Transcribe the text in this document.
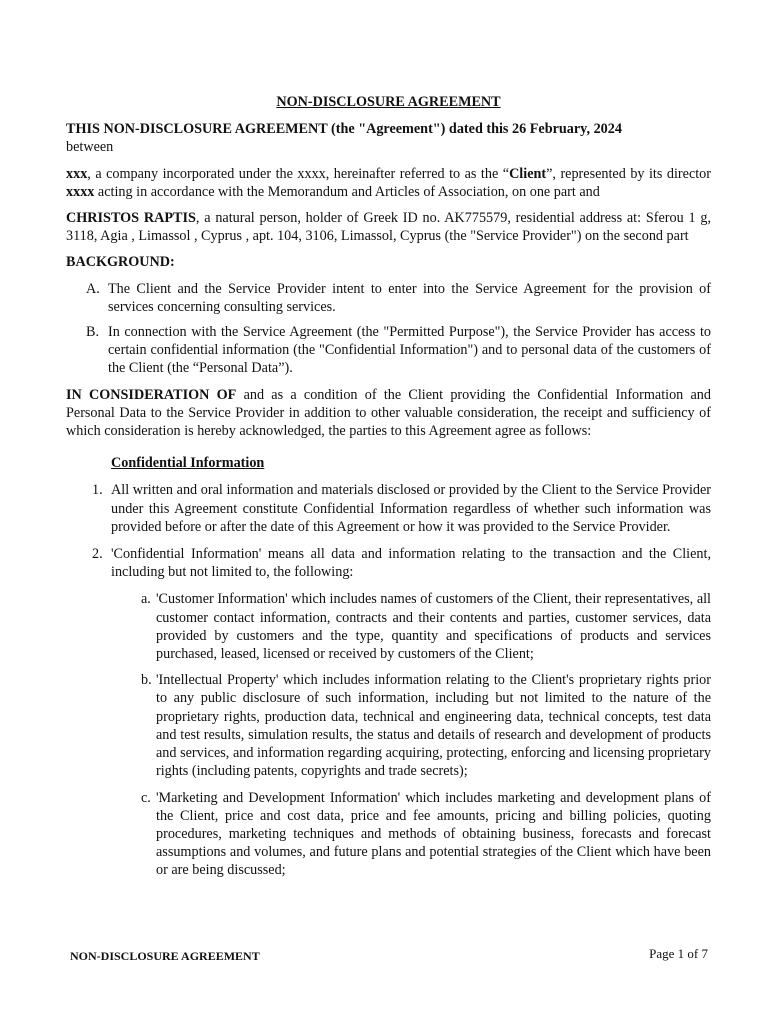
NON-DISCLOSURE AGREEMENT

THIS NON-DISCLOSURE AGREEMENT (the "Agreement") dated this 26 February, 2024
between

xxx, a company incorporated under the xxxx, hereinafter referred to as the “Client”, represented by its director xxxx acting in accordance with the Memorandum and Articles of Association, on one part and

CHRISTOS RAPTIS, a natural person, holder of Greek ID no. AK775579, residential address at: Sferou 1 g, 3118, Agia , Limassol , Cyprus , apt. 104, 3106, Limassol, Cyprus (the "Service Provider") on the second part

BACKGROUND:

A. The Client and the Service Provider intent to enter into the Service Agreement for the provision of services concerning consulting services.
B. In connection with the Service Agreement (the "Permitted Purpose"), the Service Provider has access to certain confidential information (the "Confidential Information") and to personal data of the customers of the Client (the “Personal Data”).

IN CONSIDERATION OF and as a condition of the Client providing the Confidential Information and Personal Data to the Service Provider in addition to other valuable consideration, the receipt and sufficiency of which consideration is hereby acknowledged, the parties to this Agreement agree as follows:

Confidential Information

1. All written and oral information and materials disclosed or provided by the Client to the Service Provider under this Agreement constitute Confidential Information regardless of whether such information was provided before or after the date of this Agreement or how it was provided to the Service Provider.
2. 'Confidential Information' means all data and information relating to the transaction and the Client, including but not limited to, the following:
a. 'Customer Information' which includes names of customers of the Client, their representatives, all customer contact information, contracts and their contents and parties, customer services, data provided by customers and the type, quantity and specifications of products and services purchased, leased, licensed or received by customers of the Client;
b. 'Intellectual Property' which includes information relating to the Client's proprietary rights prior to any public disclosure of such information, including but not limited to the nature of the proprietary rights, production data, technical and engineering data, technical concepts, test data and test results, simulation results, the status and details of research and development of products and services, and information regarding acquiring, protecting, enforcing and licensing proprietary rights (including patents, copyrights and trade secrets);
c. 'Marketing and Development Information' which includes marketing and development plans of the Client, price and cost data, price and fee amounts, pricing and billing policies, quoting procedures, marketing techniques and methods of obtaining business, forecasts and forecast assumptions and volumes, and future plans and potential strategies of the Client which have been or are being discussed;
NON-DISCLOSURE AGREEMENT	Page 1 of 7
